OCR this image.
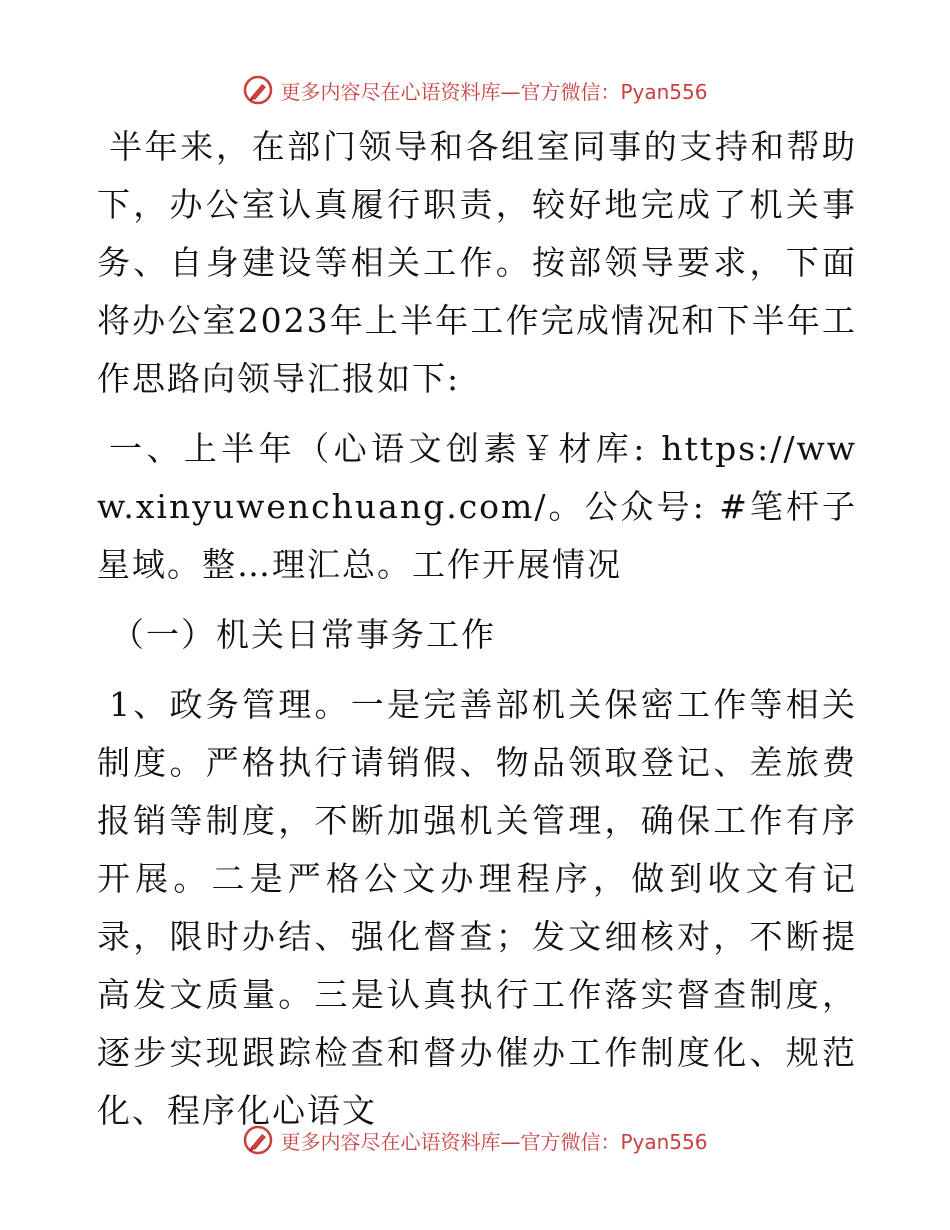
更多内容尽在心语资料库—官方微信：Pyan556

半年来，在部门领导和各组室同事的支持和帮助下，办公室认真履行职责，较好地完成了机关事务、自身建设等相关工作。按部领导要求，下面将办公室2023年上半年工作完成情况和下半年工作思路向领导汇报如下:

一、上半年（心语文创素￥材库: https://www.xinyuwenchuang.com/。公众号: #笔杆子星域。整…理汇总。工作开展情况

（一）机关日常事务工作

1、政务管理。一是完善部机关保密工作等相关制度。严格执行请销假、物品领取登记、差旅费报销等制度，不断加强机关管理，确保工作有序开展。二是严格公文办理程序，做到收文有记录，限时办结、强化督查；发文细核对，不断提高发文质量。三是认真执行工作落实督查制度，逐步实现跟踪检查和督办催办工作制度化、规范化、程序化心语文

更多内容尽在心语资料库—官方微信：Pyan556
